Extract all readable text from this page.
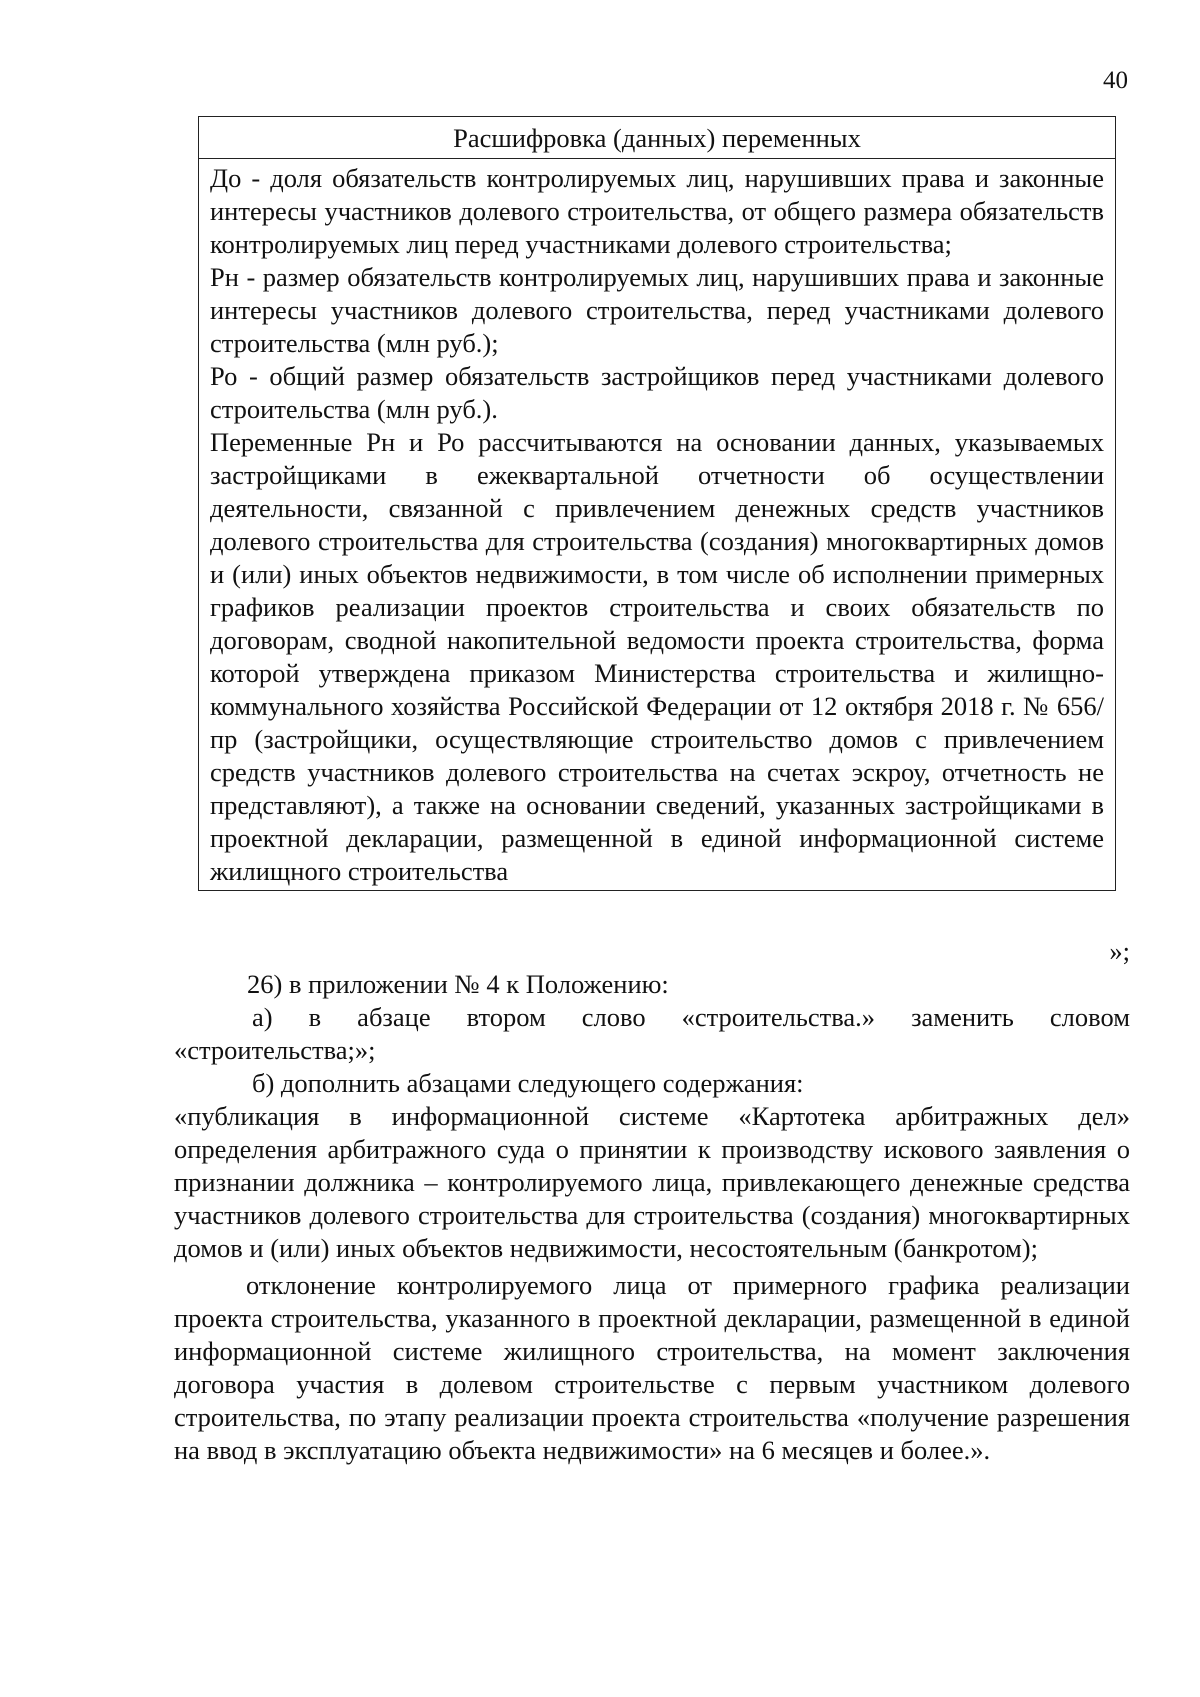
40
Расшифровка (данных) переменных

До - доля обязательств контролируемых лиц, нарушивших права и законные интересы участников долевого строительства, от общего размера обязательств контролируемых лиц перед участниками долевого строительства;

Рн - размер обязательств контролируемых лиц, нарушивших права и законные интересы участников долевого строительства, перед участниками долевого строительства (млн руб.);

Ро - общий размер обязательств застройщиков перед участниками долевого строительства (млн руб.).

Переменные Рн и Ро рассчитываются на основании данных, указываемых застройщиками в ежеквартальной отчетности об осуществлении деятельности, связанной с привлечением денежных средств участников долевого строительства для строительства (создания) многоквартирных домов и (или) иных объектов недвижимости, в том числе об исполнении примерных графиков реализации проектов строительства и своих обязательств по договорам, сводной накопительной ведомости проекта строительства, форма которой утверждена приказом Министерства строительства и жилищно-коммунального хозяйства Российской Федерации от 12 октября 2018 г. № 656/пр (застройщики, осуществляющие строительство домов с привлечением средств участников долевого строительства на счетах эскроу, отчетность не представляют), а также на основании сведений, указанных застройщиками в проектной декларации, размещенной в единой информационной системе жилищного строительства

»;

26) в приложении № 4 к Положению:

а) в абзаце втором слово «строительства.» заменить словом «строительства;»;

б) дополнить абзацами следующего содержания:

«публикация в информационной системе «Картотека арбитражных дел» определения арбитражного суда о принятии к производству искового заявления о признании должника – контролируемого лица, привлекающего денежные средства участников долевого строительства для строительства (создания) многоквартирных домов и (или) иных объектов недвижимости, несостоятельным (банкротом);

отклонение контролируемого лица от примерного графика реализации проекта строительства, указанного в проектной декларации, размещенной в единой информационной системе жилищного строительства, на момент заключения договора участия в долевом строительстве с первым участником долевого строительства, по этапу реализации проекта строительства «получение разрешения на ввод в эксплуатацию объекта недвижимости» на 6 месяцев и более.».
